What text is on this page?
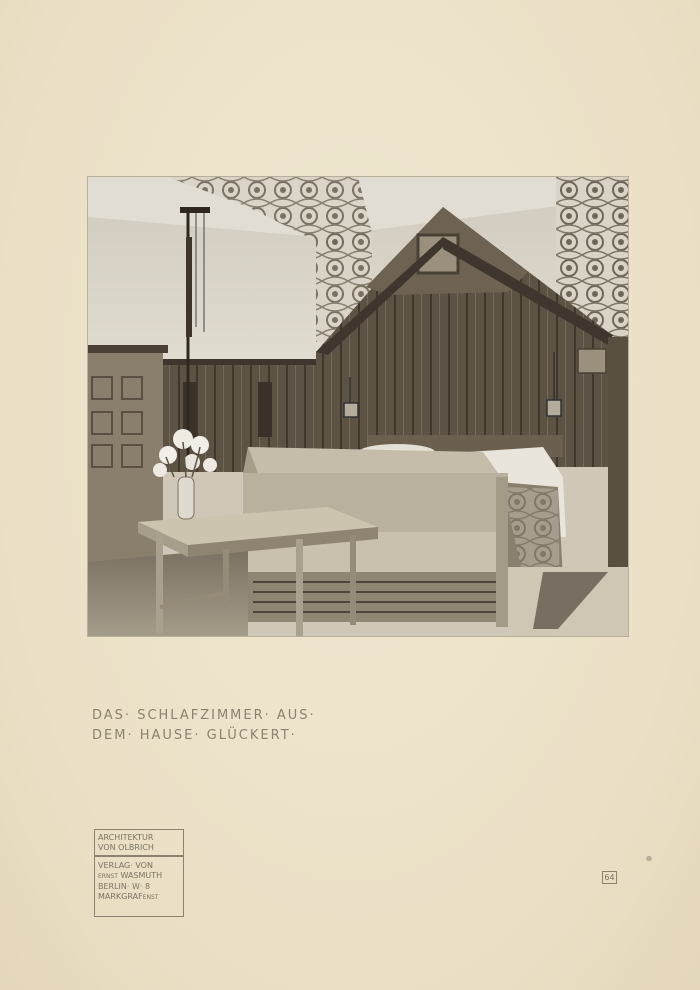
DAS· SCHLAFZIMMER· AUS·
DEM· HAUSE· GLÜCKERT·
ARCHITEKTUR
VON OLBRICH
VERLAG· VON
ERNST WASMUTH
BERLIN· W· 8
MARKGRAFENST
64
